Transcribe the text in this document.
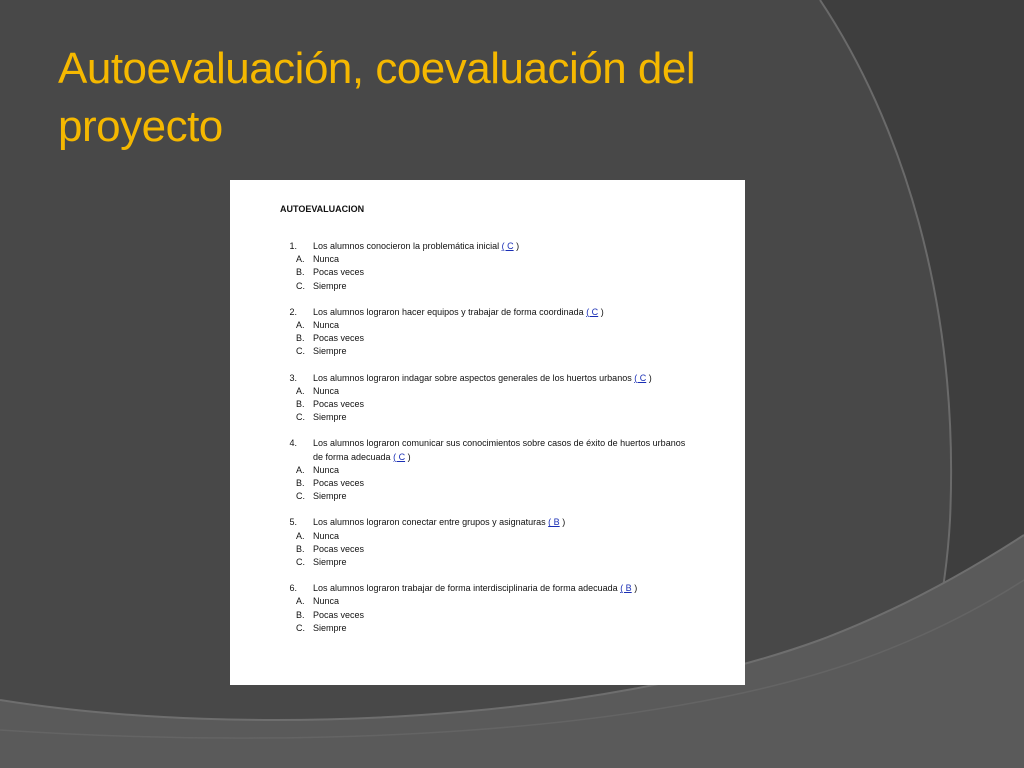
Autoevaluación, coevaluación del proyecto
AUTOEVALUACION
1.	Los alumnos conocieron la problemática inicial ( C )
A. Nunca
B. Pocas veces
C. Siempre
2.	Los alumnos lograron hacer equipos y trabajar de forma coordinada ( C )
A. Nunca
B. Pocas veces
C. Siempre
3.	Los alumnos lograron indagar sobre aspectos generales de los huertos urbanos ( C )
A. Nunca
B. Pocas veces
C. Siempre
4.	Los alumnos lograron comunicar sus conocimientos sobre casos de éxito de huertos urbanos de forma adecuada ( C )
A. Nunca
B. Pocas veces
C. Siempre
5.	Los alumnos lograron conectar entre grupos y asignaturas ( B )
A. Nunca
B. Pocas veces
C. Siempre
6.	Los alumnos lograron trabajar de forma interdisciplinaria de forma adecuada ( B )
A. Nunca
B. Pocas veces
C. Siempre
